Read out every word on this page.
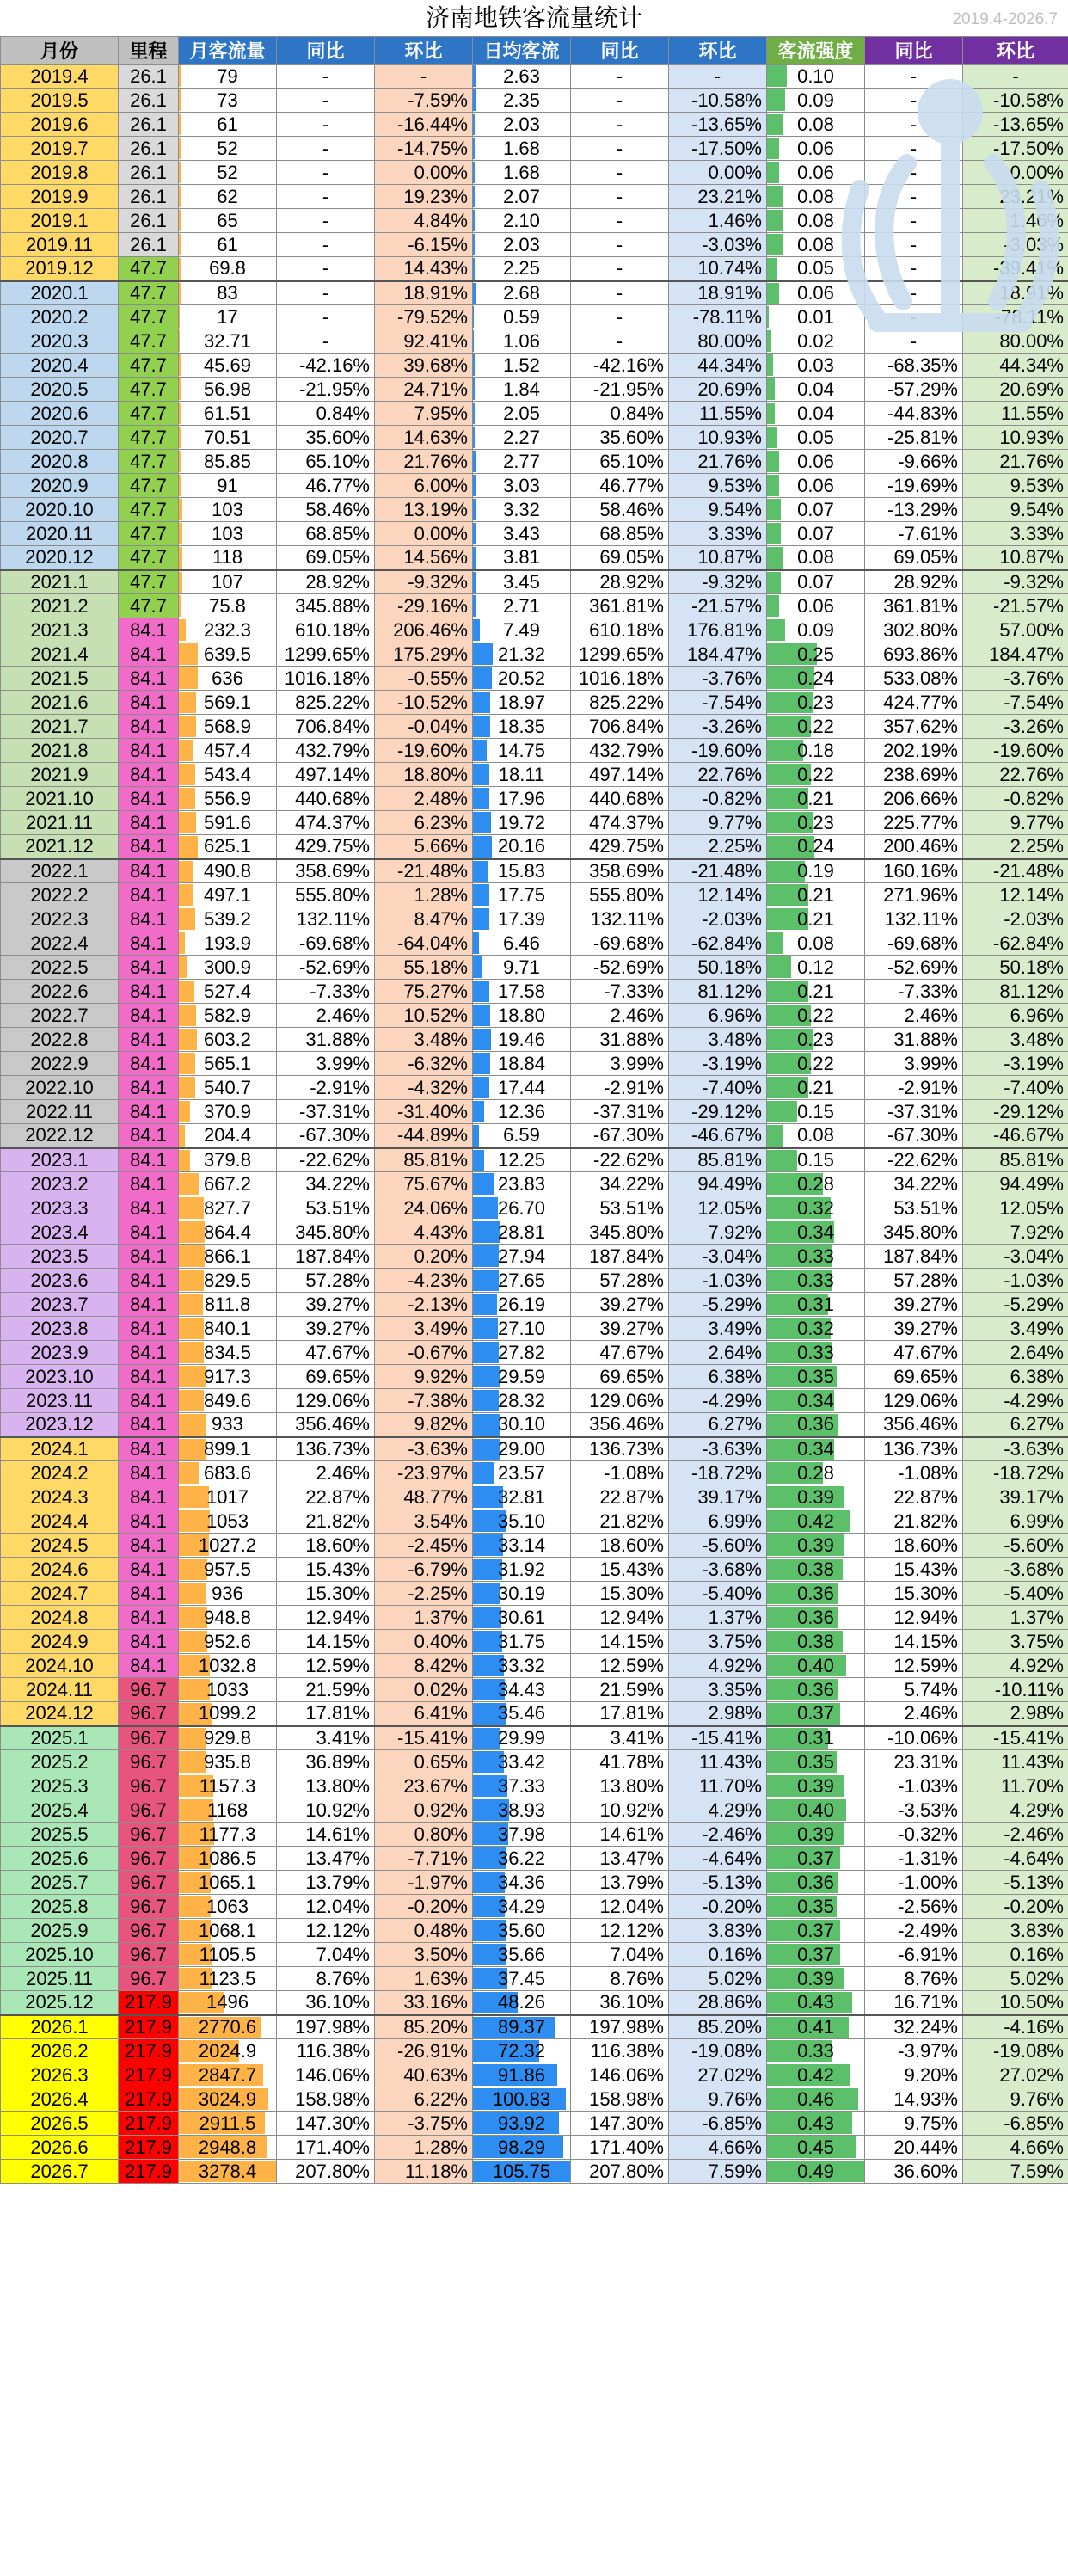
济南地铁客流量统计	2019.4-2026.7
月份	里程	月客流量	同比	环比	日均客流	同比	环比	客流强度	同比	环比
2019.4	26.1	79	-	-	2.63	-	-	0.10	-	-
2019.5	26.1	73	-	-7.59%	2.35	-	-10.58%	0.09	-	-10.58%
2019.6	26.1	61	-	-16.44%	2.03	-	-13.65%	0.08	-	-13.65%
2019.7	26.1	52	-	-14.75%	1.68	-	-17.50%	0.06	-	-17.50%
2019.8	26.1	52	-	0.00%	1.68	-	0.00%	0.06	-	0.00%
2019.9	26.1	62	-	19.23%	2.07	-	23.21%	0.08	-	23.21%
2019.1	26.1	65	-	4.84%	2.10	-	1.46%	0.08	-	1.46%
2019.11	26.1	61	-	-6.15%	2.03	-	-3.03%	0.08	-	-3.03%
2019.12	47.7	69.8	-	14.43%	2.25	-	10.74%	0.05	-	-39.41%
2020.1	47.7	83	-	18.91%	2.68	-	18.91%	0.06	-	18.91%
2020.2	47.7	17	-	-79.52%	0.59	-	-78.11%	0.01	-	-78.11%
2020.3	47.7	32.71	-	92.41%	1.06	-	80.00%	0.02	-	80.00%
2020.4	47.7	45.69	-42.16%	39.68%	1.52	-42.16%	44.34%	0.03	-68.35%	44.34%
2020.5	47.7	56.98	-21.95%	24.71%	1.84	-21.95%	20.69%	0.04	-57.29%	20.69%
2020.6	47.7	61.51	0.84%	7.95%	2.05	0.84%	11.55%	0.04	-44.83%	11.55%
2020.7	47.7	70.51	35.60%	14.63%	2.27	35.60%	10.93%	0.05	-25.81%	10.93%
2020.8	47.7	85.85	65.10%	21.76%	2.77	65.10%	21.76%	0.06	-9.66%	21.76%
2020.9	47.7	91	46.77%	6.00%	3.03	46.77%	9.53%	0.06	-19.69%	9.53%
2020.10	47.7	103	58.46%	13.19%	3.32	58.46%	9.54%	0.07	-13.29%	9.54%
2020.11	47.7	103	68.85%	0.00%	3.43	68.85%	3.33%	0.07	-7.61%	3.33%
2020.12	47.7	118	69.05%	14.56%	3.81	69.05%	10.87%	0.08	69.05%	10.87%
2021.1	47.7	107	28.92%	-9.32%	3.45	28.92%	-9.32%	0.07	28.92%	-9.32%
2021.2	47.7	75.8	345.88%	-29.16%	2.71	361.81%	-21.57%	0.06	361.81%	-21.57%
2021.3	84.1	232.3	610.18%	206.46%	7.49	610.18%	176.81%	0.09	302.80%	57.00%
2021.4	84.1	639.5	1299.65%	175.29%	21.32	1299.65%	184.47%	0.25	693.86%	184.47%
2021.5	84.1	636	1016.18%	-0.55%	20.52	1016.18%	-3.76%	0.24	533.08%	-3.76%
2021.6	84.1	569.1	825.22%	-10.52%	18.97	825.22%	-7.54%	0.23	424.77%	-7.54%
2021.7	84.1	568.9	706.84%	-0.04%	18.35	706.84%	-3.26%	0.22	357.62%	-3.26%
2021.8	84.1	457.4	432.79%	-19.60%	14.75	432.79%	-19.60%	0.18	202.19%	-19.60%
2021.9	84.1	543.4	497.14%	18.80%	18.11	497.14%	22.76%	0.22	238.69%	22.76%
2021.10	84.1	556.9	440.68%	2.48%	17.96	440.68%	-0.82%	0.21	206.66%	-0.82%
2021.11	84.1	591.6	474.37%	6.23%	19.72	474.37%	9.77%	0.23	225.77%	9.77%
2021.12	84.1	625.1	429.75%	5.66%	20.16	429.75%	2.25%	0.24	200.46%	2.25%
2022.1	84.1	490.8	358.69%	-21.48%	15.83	358.69%	-21.48%	0.19	160.16%	-21.48%
2022.2	84.1	497.1	555.80%	1.28%	17.75	555.80%	12.14%	0.21	271.96%	12.14%
2022.3	84.1	539.2	132.11%	8.47%	17.39	132.11%	-2.03%	0.21	132.11%	-2.03%
2022.4	84.1	193.9	-69.68%	-64.04%	6.46	-69.68%	-62.84%	0.08	-69.68%	-62.84%
2022.5	84.1	300.9	-52.69%	55.18%	9.71	-52.69%	50.18%	0.12	-52.69%	50.18%
2022.6	84.1	527.4	-7.33%	75.27%	17.58	-7.33%	81.12%	0.21	-7.33%	81.12%
2022.7	84.1	582.9	2.46%	10.52%	18.80	2.46%	6.96%	0.22	2.46%	6.96%
2022.8	84.1	603.2	31.88%	3.48%	19.46	31.88%	3.48%	0.23	31.88%	3.48%
2022.9	84.1	565.1	3.99%	-6.32%	18.84	3.99%	-3.19%	0.22	3.99%	-3.19%
2022.10	84.1	540.7	-2.91%	-4.32%	17.44	-2.91%	-7.40%	0.21	-2.91%	-7.40%
2022.11	84.1	370.9	-37.31%	-31.40%	12.36	-37.31%	-29.12%	0.15	-37.31%	-29.12%
2022.12	84.1	204.4	-67.30%	-44.89%	6.59	-67.30%	-46.67%	0.08	-67.30%	-46.67%
2023.1	84.1	379.8	-22.62%	85.81%	12.25	-22.62%	85.81%	0.15	-22.62%	85.81%
2023.2	84.1	667.2	34.22%	75.67%	23.83	34.22%	94.49%	0.28	34.22%	94.49%
2023.3	84.1	827.7	53.51%	24.06%	26.70	53.51%	12.05%	0.32	53.51%	12.05%
2023.4	84.1	864.4	345.80%	4.43%	28.81	345.80%	7.92%	0.34	345.80%	7.92%
2023.5	84.1	866.1	187.84%	0.20%	27.94	187.84%	-3.04%	0.33	187.84%	-3.04%
2023.6	84.1	829.5	57.28%	-4.23%	27.65	57.28%	-1.03%	0.33	57.28%	-1.03%
2023.7	84.1	811.8	39.27%	-2.13%	26.19	39.27%	-5.29%	0.31	39.27%	-5.29%
2023.8	84.1	840.1	39.27%	3.49%	27.10	39.27%	3.49%	0.32	39.27%	3.49%
2023.9	84.1	834.5	47.67%	-0.67%	27.82	47.67%	2.64%	0.33	47.67%	2.64%
2023.10	84.1	917.3	69.65%	9.92%	29.59	69.65%	6.38%	0.35	69.65%	6.38%
2023.11	84.1	849.6	129.06%	-7.38%	28.32	129.06%	-4.29%	0.34	129.06%	-4.29%
2023.12	84.1	933	356.46%	9.82%	30.10	356.46%	6.27%	0.36	356.46%	6.27%
2024.1	84.1	899.1	136.73%	-3.63%	29.00	136.73%	-3.63%	0.34	136.73%	-3.63%
2024.2	84.1	683.6	2.46%	-23.97%	23.57	-1.08%	-18.72%	0.28	-1.08%	-18.72%
2024.3	84.1	1017	22.87%	48.77%	32.81	22.87%	39.17%	0.39	22.87%	39.17%
2024.4	84.1	1053	21.82%	3.54%	35.10	21.82%	6.99%	0.42	21.82%	6.99%
2024.5	84.1	1027.2	18.60%	-2.45%	33.14	18.60%	-5.60%	0.39	18.60%	-5.60%
2024.6	84.1	957.5	15.43%	-6.79%	31.92	15.43%	-3.68%	0.38	15.43%	-3.68%
2024.7	84.1	936	15.30%	-2.25%	30.19	15.30%	-5.40%	0.36	15.30%	-5.40%
2024.8	84.1	948.8	12.94%	1.37%	30.61	12.94%	1.37%	0.36	12.94%	1.37%
2024.9	84.1	952.6	14.15%	0.40%	31.75	14.15%	3.75%	0.38	14.15%	3.75%
2024.10	84.1	1032.8	12.59%	8.42%	33.32	12.59%	4.92%	0.40	12.59%	4.92%
2024.11	96.7	1033	21.59%	0.02%	34.43	21.59%	3.35%	0.36	5.74%	-10.11%
2024.12	96.7	1099.2	17.81%	6.41%	35.46	17.81%	2.98%	0.37	2.46%	2.98%
2025.1	96.7	929.8	3.41%	-15.41%	29.99	3.41%	-15.41%	0.31	-10.06%	-15.41%
2025.2	96.7	935.8	36.89%	0.65%	33.42	41.78%	11.43%	0.35	23.31%	11.43%
2025.3	96.7	1157.3	13.80%	23.67%	37.33	13.80%	11.70%	0.39	-1.03%	11.70%
2025.4	96.7	1168	10.92%	0.92%	38.93	10.92%	4.29%	0.40	-3.53%	4.29%
2025.5	96.7	1177.3	14.61%	0.80%	37.98	14.61%	-2.46%	0.39	-0.32%	-2.46%
2025.6	96.7	1086.5	13.47%	-7.71%	36.22	13.47%	-4.64%	0.37	-1.31%	-4.64%
2025.7	96.7	1065.1	13.79%	-1.97%	34.36	13.79%	-5.13%	0.36	-1.00%	-5.13%
2025.8	96.7	1063	12.04%	-0.20%	34.29	12.04%	-0.20%	0.35	-2.56%	-0.20%
2025.9	96.7	1068.1	12.12%	0.48%	35.60	12.12%	3.83%	0.37	-2.49%	3.83%
2025.10	96.7	1105.5	7.04%	3.50%	35.66	7.04%	0.16%	0.37	-6.91%	0.16%
2025.11	96.7	1123.5	8.76%	1.63%	37.45	8.76%	5.02%	0.39	8.76%	5.02%
2025.12	217.9	1496	36.10%	33.16%	48.26	36.10%	28.86%	0.43	16.71%	10.50%
2026.1	217.9	2770.6	197.98%	85.20%	89.37	197.98%	85.20%	0.41	32.24%	-4.16%
2026.2	217.9	2024.9	116.38%	-26.91%	72.32	116.38%	-19.08%	0.33	-3.97%	-19.08%
2026.3	217.9	2847.7	146.06%	40.63%	91.86	146.06%	27.02%	0.42	9.20%	27.02%
2026.4	217.9	3024.9	158.98%	6.22%	100.83	158.98%	9.76%	0.46	14.93%	9.76%
2026.5	217.9	2911.5	147.30%	-3.75%	93.92	147.30%	-6.85%	0.43	9.75%	-6.85%
2026.6	217.9	2948.8	171.40%	1.28%	98.29	171.40%	4.66%	0.45	20.44%	4.66%
2026.7	217.9	3278.4	207.80%	11.18%	105.75	207.80%	7.59%	0.49	36.60%	7.59%
